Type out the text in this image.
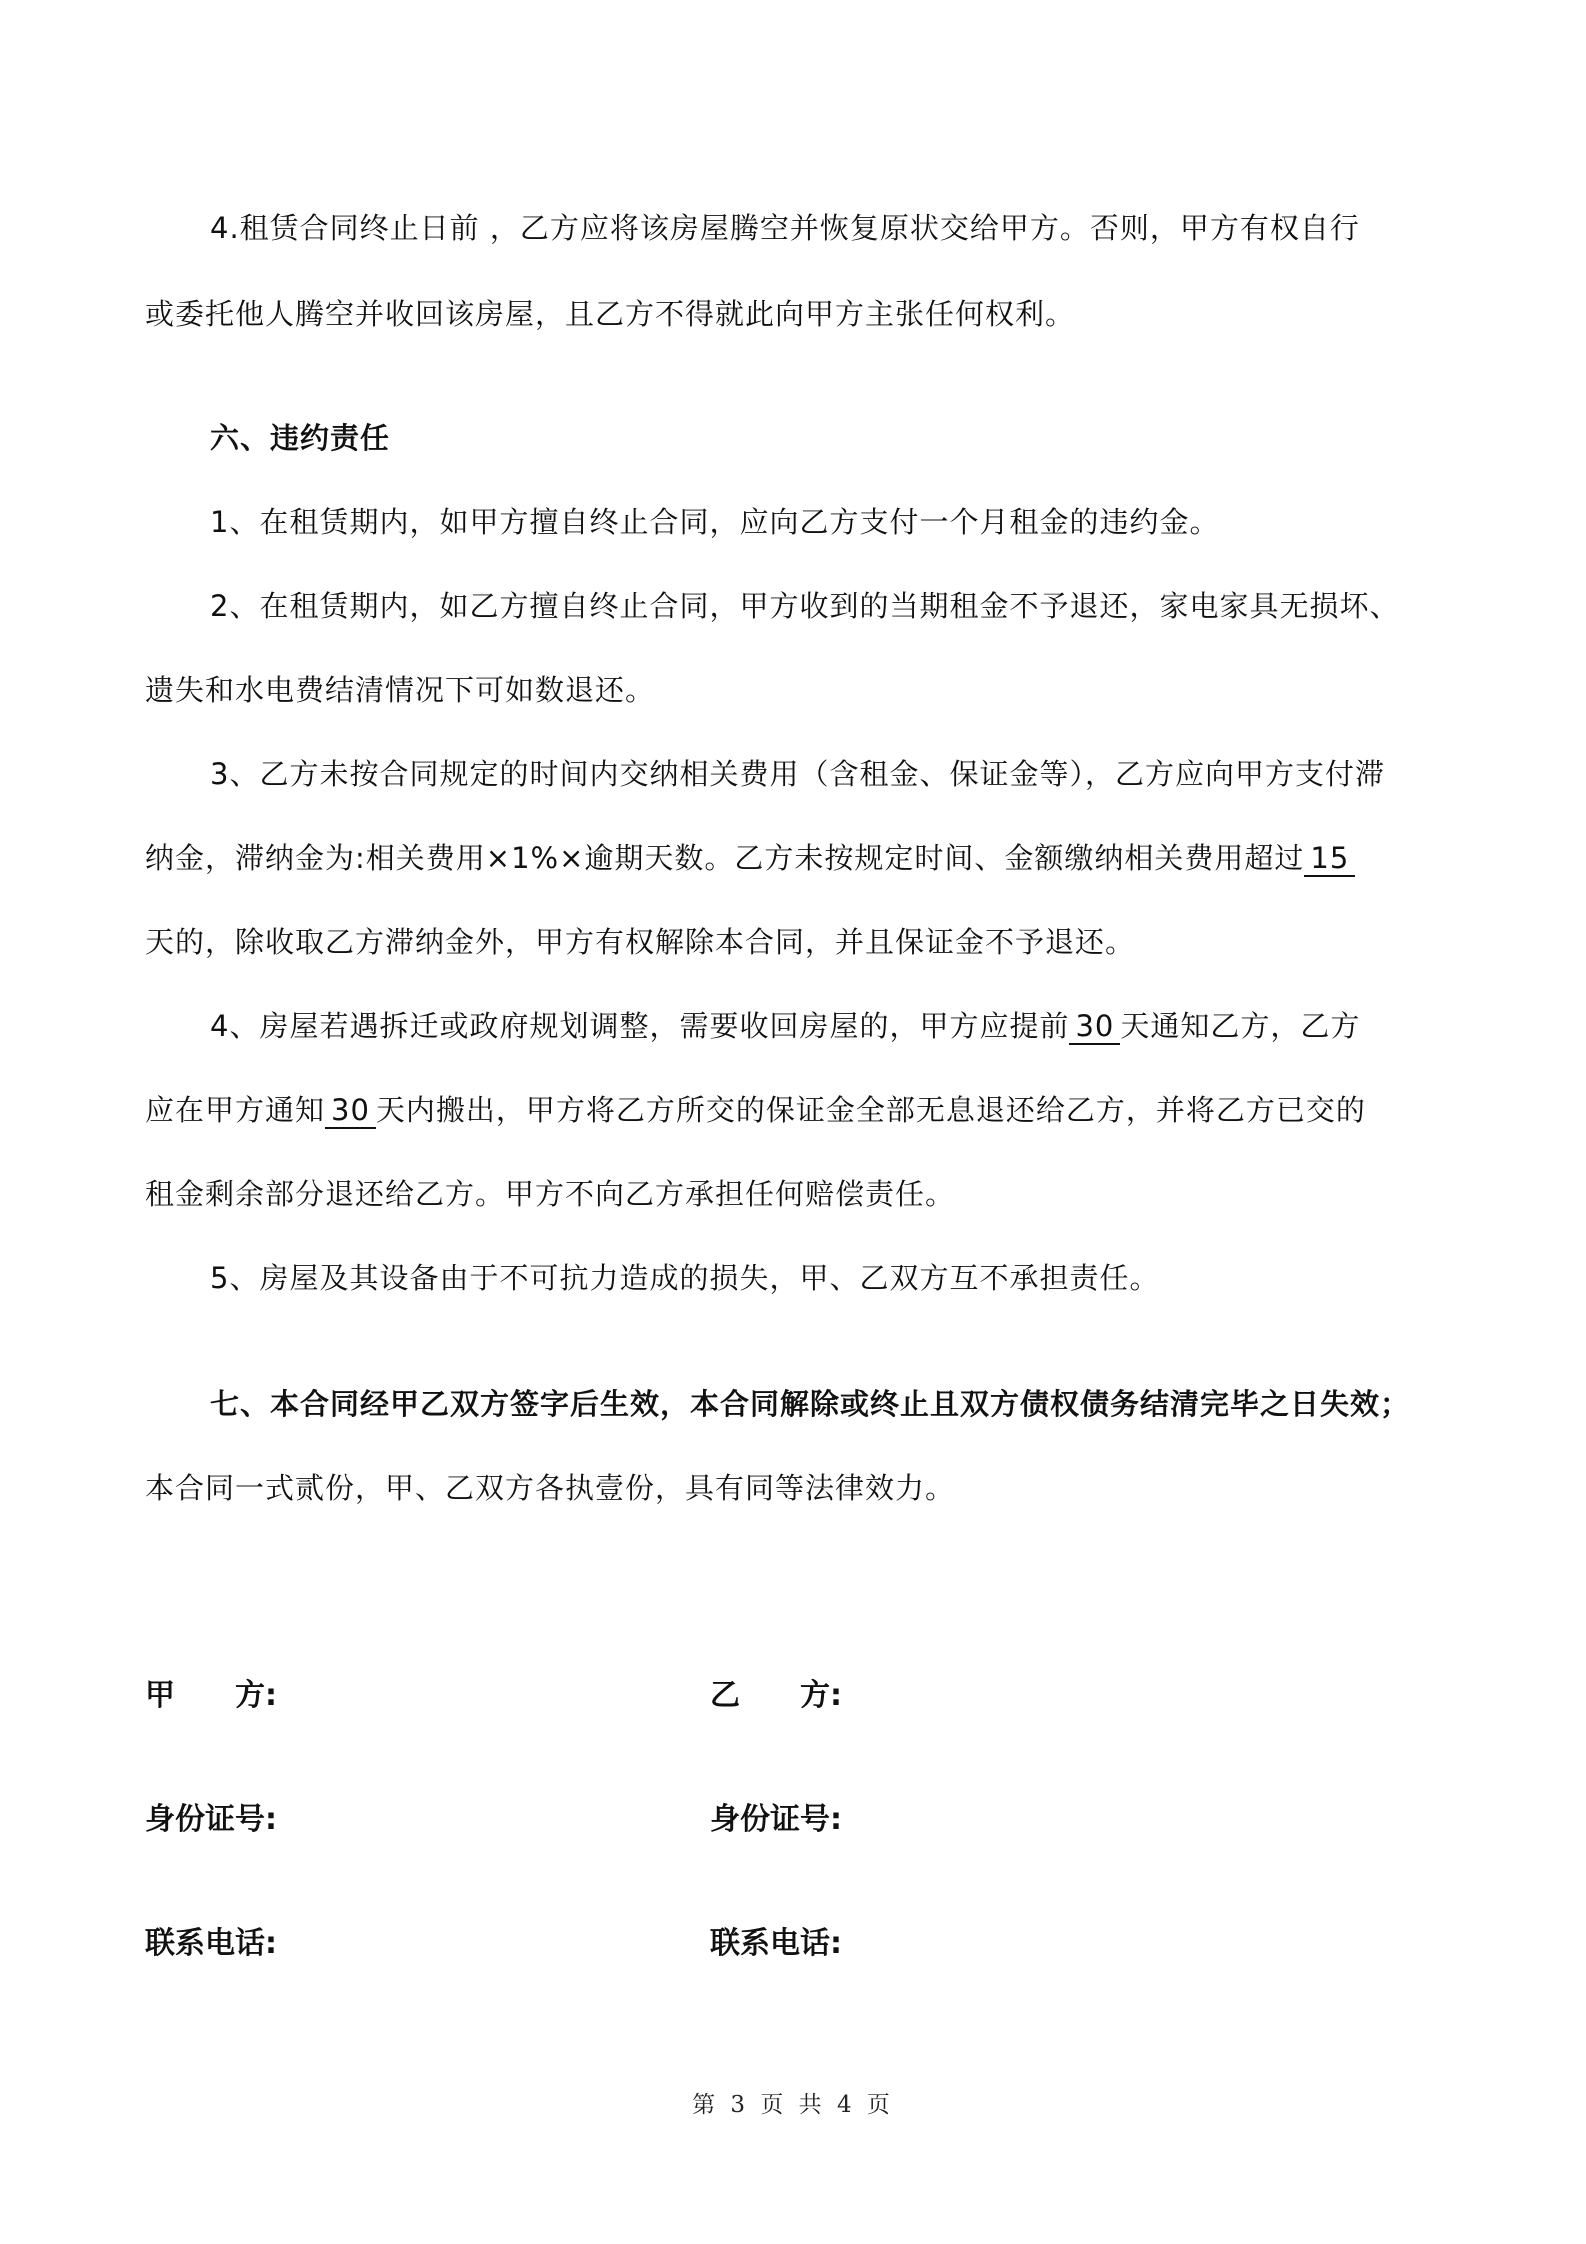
4.租赁合同终止日前 ，乙方应将该房屋腾空并恢复原状交给甲方。否则，甲方有权自行
或委托他人腾空并收回该房屋，且乙方不得就此向甲方主张任何权利。
六、违约责任
1、在租赁期内，如甲方擅自终止合同，应向乙方支付一个月租金的违约金。
2、在租赁期内，如乙方擅自终止合同，甲方收到的当期租金不予退还，家电家具无损坏、
遗失和水电费结清情况下可如数退还。
3、乙方未按合同规定的时间内交纳相关费用（含租金、保证金等），乙方应向甲方支付滞
纳金，滞纳金为:相关费用×1%×逾期天数。乙方未按规定时间、金额缴纳相关费用超过 15
天的，除收取乙方滞纳金外，甲方有权解除本合同，并且保证金不予退还。
4、房屋若遇拆迁或政府规划调整，需要收回房屋的，甲方应提前 30 天通知乙方，乙方
应在甲方通知 30 天内搬出，甲方将乙方所交的保证金全部无息退还给乙方，并将乙方已交的
租金剩余部分退还给乙方。甲方不向乙方承担任何赔偿责任。
5、房屋及其设备由于不可抗力造成的损失，甲、乙双方互不承担责任。
七、本合同经甲乙双方签字后生效，本合同解除或终止且双方债权债务结清完毕之日失效；
本合同一式贰份，甲、乙双方各执壹份，具有同等法律效力。
甲　　方:	乙　　方:
身份证号:	身份证号:
联系电话:	联系电话:
第 3 页 共 4 页
